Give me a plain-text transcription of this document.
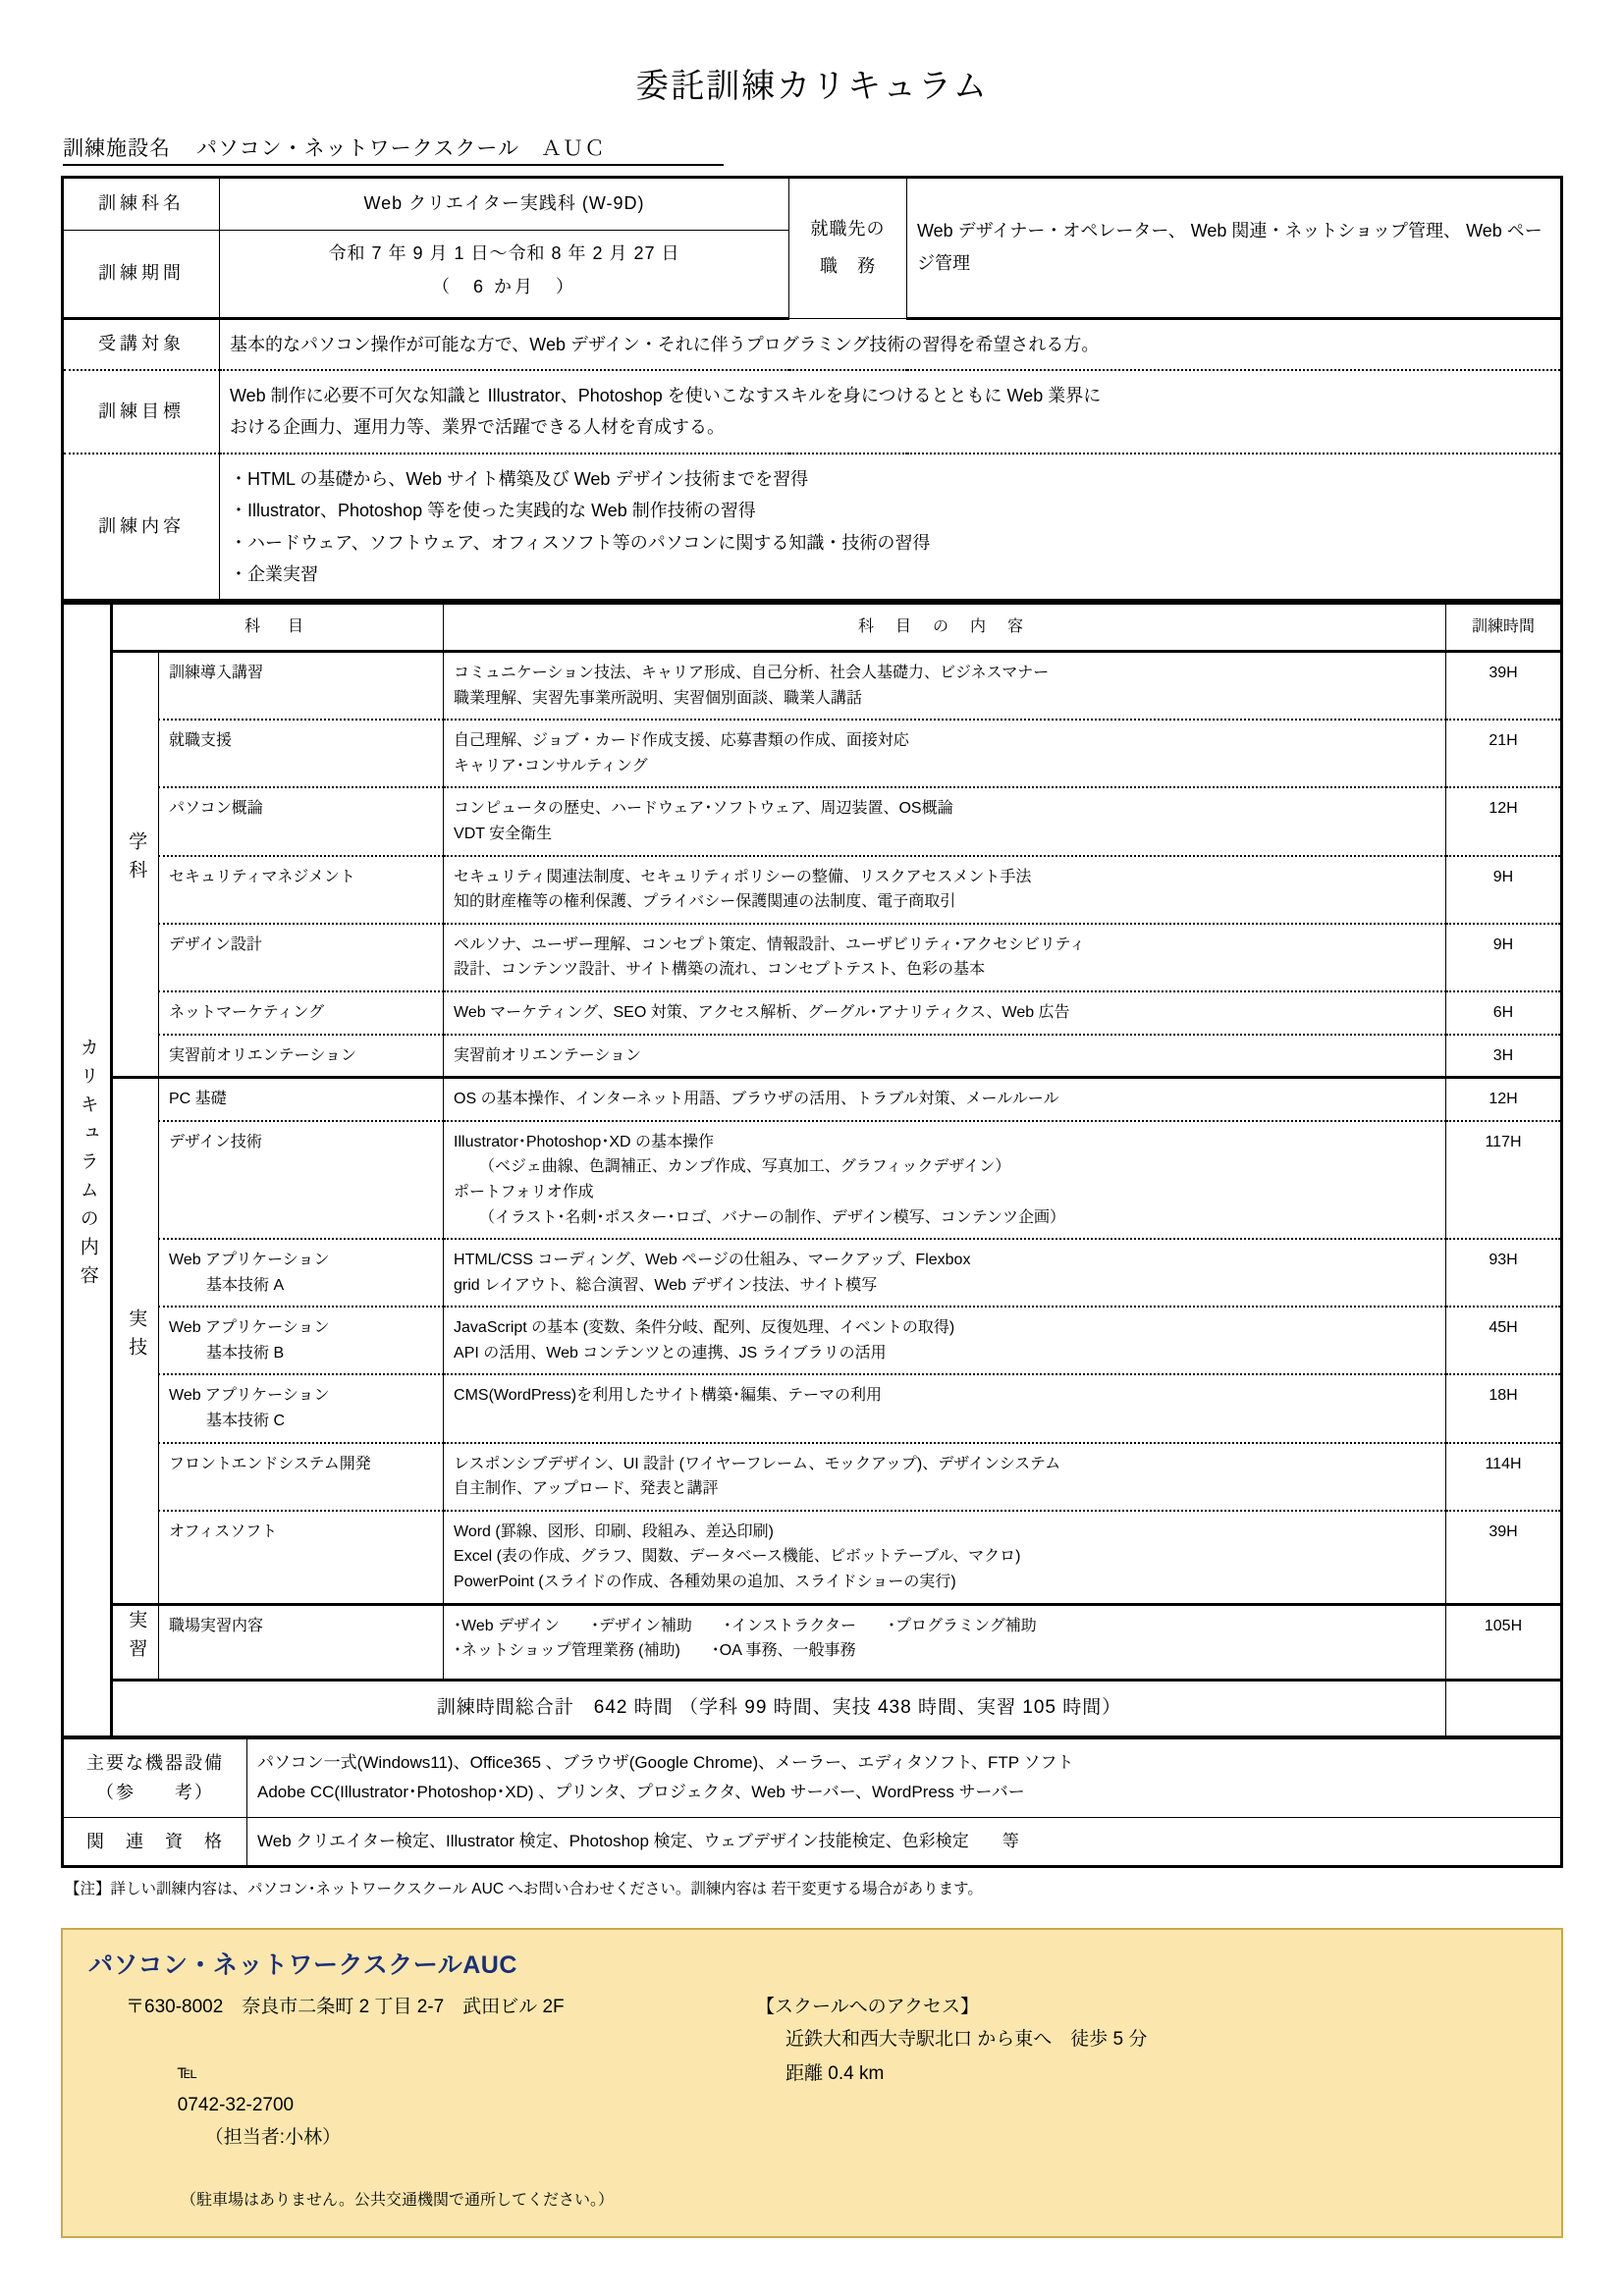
委託訓練カリキュラム
訓練施設名	パソコン・ネットワークスクール　ＡＵＣ
訓練科名	Web クリエイター実践科 (W-9D)	就職先の
職　務	Web デザイナー・オペレーター、 Web 関連・ネットショップ管理、 Web ページ管理
訓練期間	令和 7 年 9 月 1 日〜令和 8 年 2 月 27 日
（　6 か月　）		

受講対象	基本的なパソコン操作が可能な方で、Web デザイン・それに伴うプログラミング技術の習得を希望される方。		
訓練目標	Web 制作に必要不可欠な知識と Illustrator、Photoshop を使いこなすスキルを身につけるとともに Web 業界に
おける企画力、運用力等、業界で活躍できる人材を育成する。		

訓練内容	・HTML の基礎から、Web サイト構築及び Web デザイン技術までを習得
・Illustrator、Photoshop 等を使った実践的な Web 制作技術の習得
・ハードウェア、ソフトウェア、オフィスソフト等のパソコンに関する知識・技術の習得
・企業実習		
カリキュラムの内容	科目		科目の内容	訓練時間
	学科	訓練導入講習	コミュニケーション技法、キャリア形成、自己分析、社会人基礎力、ビジネスマナー
職業理解、実習先事業所説明、実習個別面談、職業人講話	39H

		就職支援	自己理解、ジョブ・カード作成支援、応募書類の作成、面接対応
キャリア･コンサルティング	21H

		パソコン概論	コンピュータの歴史、ハードウェア･ソフトウェア、周辺装置、OS概論
VDT 安全衛生	12H

		セキュリティマネジメント	セキュリティ関連法制度、セキュリティポリシーの整備、リスクアセスメント手法
知的財産権等の権利保護、プライバシー保護関連の法制度、電子商取引	9H

		デザイン設計	ペルソナ、ユーザー理解、コンセプト策定、情報設計、ユーザビリティ･アクセシビリティ
設計、コンテンツ設計、サイト構築の流れ、コンセプトテスト、色彩の基本	9H

		ネットマーケティング	Web マーケティング、SEO 対策、アクセス解析、グーグル･アナリティクス、Web 広告	6H

		実習前オリエンテーション	実習前オリエンテーション	3H
	実技	PC 基礎	OS の基本操作、インターネット用語、ブラウザの活用、トラブル対策、メールルール	12H

		デザイン技術	Illustrator･Photoshop･XD の基本操作
（ベジェ曲線、色調補正、カンプ作成、写真加工、グラフィックデザイン）
ポートフォリオ作成
（イラスト･名刺･ポスター･ロゴ、バナーの制作、デザイン模写、コンテンツ企画）	117H

		Web アプリケーション
基本技術 A	HTML/CSS コーディング、Web ページの仕組み、マークアップ、Flexbox
grid レイアウト、総合演習、Web デザイン技法、サイト模写	93H

		Web アプリケーション
基本技術 B	JavaScript の基本 (変数、条件分岐、配列、反復処理、イベントの取得)
API の活用、Web コンテンツとの連携、JS ライブラリの活用	45H

		Web アプリケーション
基本技術 C	CMS(WordPress)を利用したサイト構築･編集、テーマの利用	18H

		フロントエンドシステム開発	レスポンシブデザイン、UI 設計 (ワイヤーフレーム、モックアップ)、デザインシステム
自主制作、アップロード、発表と講評	114H

		オフィスソフト	Word (罫線、図形、印刷、段組み、差込印刷)
Excel (表の作成、グラフ、関数、データベース機能、ピボットテーブル、マクロ)
PowerPoint (スライドの作成、各種効果の追加、スライドショーの実行)	39H
	実習	職場実習内容	･Web デザイン　　･デザイン補助　　･インストラクター　　･プログラミング補助
･ネットショップ管理業務 (補助)　　･OA 事務、一般事務	105H
	訓練時間総合計　642 時間 （学科 99 時間、実技 438 時間、実習 105 時間）			
主要な機器設備
（参　　考）	パソコン一式(Windows11)、Office365 、ブラウザ(Google Chrome)、メーラー、エディタソフト、FTP ソフト
Adobe CC(Illustrator･Photoshop･XD) 、プリンタ、プロジェクタ、Web サーバー、WordPress サーバー

関　連　資　格	Web クリエイター検定、Illustrator 検定、Photoshop 検定、ウェブデザイン技能検定、色彩検定　　等
【注】詳しい訓練内容は、パソコン･ネットワークスクール AUC へお問い合わせください。訓練内容は 若干変更する場合があります。
パソコン・ネットワークスクールAUC
〒630-8002　奈良市二条町 2 丁目 2-7　武田ビル 2F

℡
0742-32-2700
（担当者:小林）

（駐車場はありません。公共交通機関で通所してください。）
【スクールへのアクセス】
近鉄大和西大寺駅北口 から東へ　徒歩 5 分
距離 0.4 km
